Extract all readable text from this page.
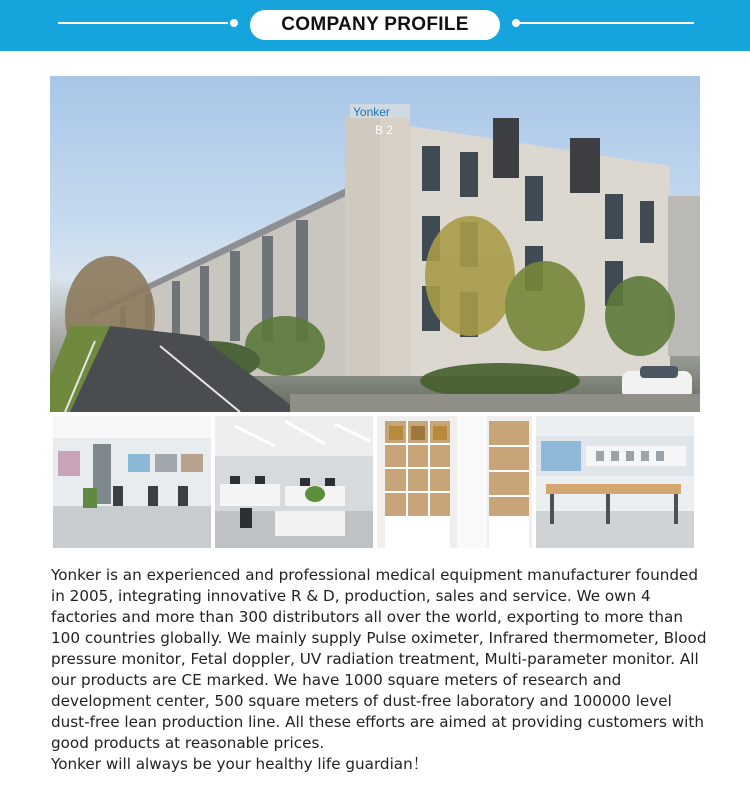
COMPANY PROFILE
Yonker
B 2

Yonker is an experienced and professional medical equipment manufacturer founded in 2005, integrating innovative R & D, production, sales and service. We own 4 factories and more than 300 distributors all over the world, exporting to more than 100 countries globally. We mainly supply Pulse oximeter, Infrared thermometer, Blood pressure monitor, Fetal doppler, UV radiation treatment, Multi-parameter monitor. All our products are CE marked. We have 1000 square meters of research and development center, 500 square meters of dust-free laboratory and 100000 level dust-free lean production line. All these efforts are aimed at providing customers with good products at reasonable prices.

Yonker will always be your healthy life guardian！
